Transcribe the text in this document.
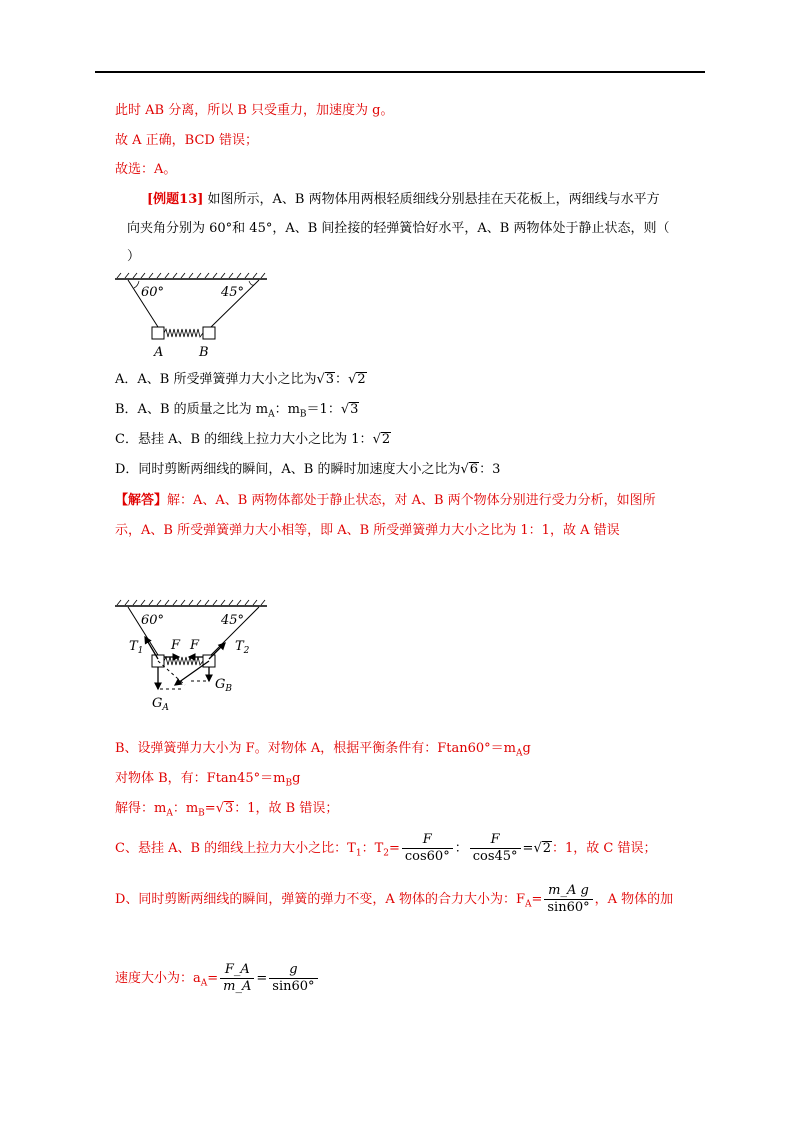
此时 AB 分离，所以 B 只受重力，加速度为 g。
故 A 正确，BCD 错误；
故选：A。
[例题13] 如图所示，A、B 两物体用两根轻质细线分别悬挂在天花板上，两细线与水平方
向夹角分别为 60°和 45°，A、B 间拴接的轻弹簧恰好水平，A、B 两物体处于静止状态，则（
）
60°	45°
A	B
A．A、B 所受弹簧弹力大小之比为√3：√2
B．A、B 的质量之比为 $m_A$：$m_B=1$：√3
C．悬挂 A、B 的细线上拉力大小之比为 1：√2
D．同时剪断两细线的瞬间，A、B 的瞬时加速度大小之比为√6：3
【解答】解：A、A、B 两物体都处于静止状态，对 A、B 两个物体分别进行受力分析，如图所
示，A、B 所受弹簧弹力大小相等，即 A、B 所受弹簧弹力大小之比为 1：1，故 A 错误
60°	45°
$T_1$	$T_2$
F F
$G_A$
$G_B$
B、设弹簧弹力大小为 F。对物体 A，根据平衡条件有：$Ftan60^\circ=m_Ag$
对物体 B，有：$Ftan45^\circ=m_Bg$
解得：$m_A$：$m_B=√3$：1，故 B 错误；
C、悬挂 A、B 的细线上拉力大小之比：$T_1$：$T_2= \frac{F}{\cos 60^\circ}$ ： $\frac{F}{\cos 45^\circ} =√2$：1，故 C 错误；
D、同时剪断两细线的瞬间，弹簧的弹力不变，A 物体的合力大小为：$F_A= \frac{\text{m\_A g}}{\sin 60^\circ}$ ，A 物体的加
速度大小为：$a_A= \frac{F\_A}{m\_A} = \frac{g}{\sin 60^\circ}$
